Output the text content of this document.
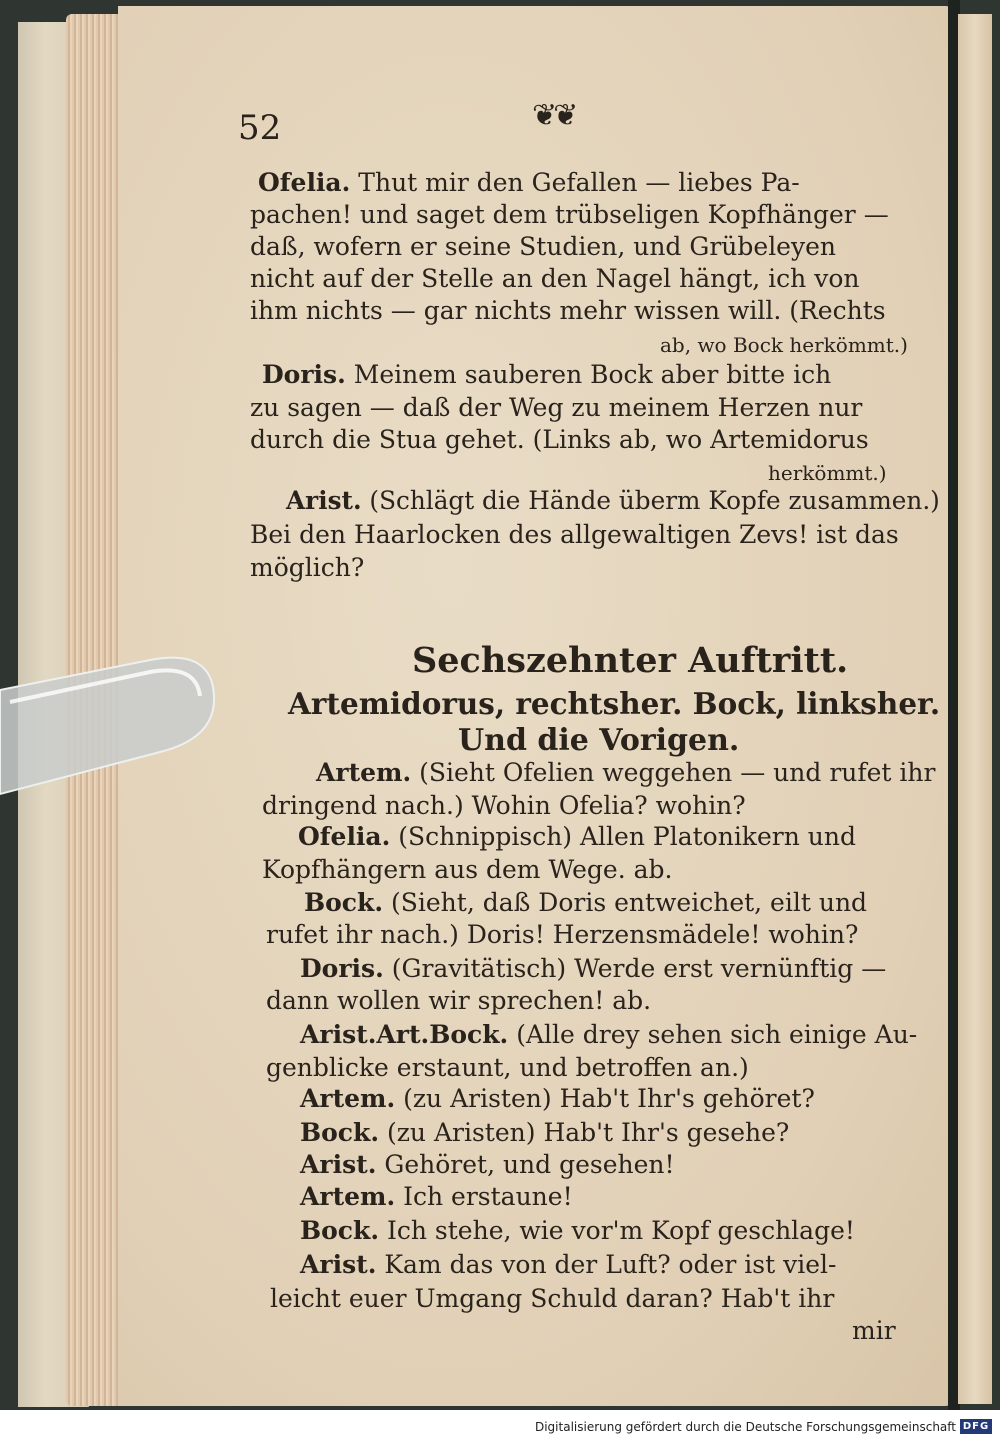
52	❦❦
Ofelia. Thut mir den Gefallen — liebes Pa-
pachen! und saget dem trübseligen Kopfhänger —
daß, wofern er seine Studien, und Grübeleyen
nicht auf der Stelle an den Nagel hängt, ich von
ihm nichts — gar nichts mehr wissen will. (Rechts
ab, wo Bock herkömmt.)
Doris. Meinem sauberen Bock aber bitte ich
zu sagen — daß der Weg zu meinem Herzen nur
durch die Stua gehet. (Links ab, wo Artemidorus
herkömmt.)
Arist. (Schlägt die Hände überm Kopfe zusammen.)
Bei den Haarlocken des allgewaltigen Zevs! ist das
möglich?
Sechszehnter Auftritt.
Artemidorus, rechtsher. Bock, linksher.
Und die Vorigen.
Artem. (Sieht Ofelien weggehen — und rufet ihr
dringend nach.) Wohin Ofelia? wohin?
Ofelia. (Schnippisch) Allen Platonikern und
Kopfhängern aus dem Wege. ab.
Bock. (Sieht, daß Doris entweichet, eilt und
rufet ihr nach.) Doris! Herzensmädele! wohin?
Doris. (Gravitätisch) Werde erst vernünftig —
dann wollen wir sprechen! ab.
Arist.Art.Bock. (Alle drey sehen sich einige Au-
genblicke erstaunt, und betroffen an.)
Artem. (zu Aristen) Hab't Ihr's gehöret?
Bock. (zu Aristen) Hab't Ihr's gesehe?
Arist. Gehöret, und gesehen!
Artem. Ich erstaune!
Bock. Ich stehe, wie vor'm Kopf geschlage!
Arist. Kam das von der Luft? oder ist viel-
leicht euer Umgang Schuld daran? Hab't ihr
mir
Digitalisierung gefördert durch die Deutsche Forschungsgemeinschaft DFG
